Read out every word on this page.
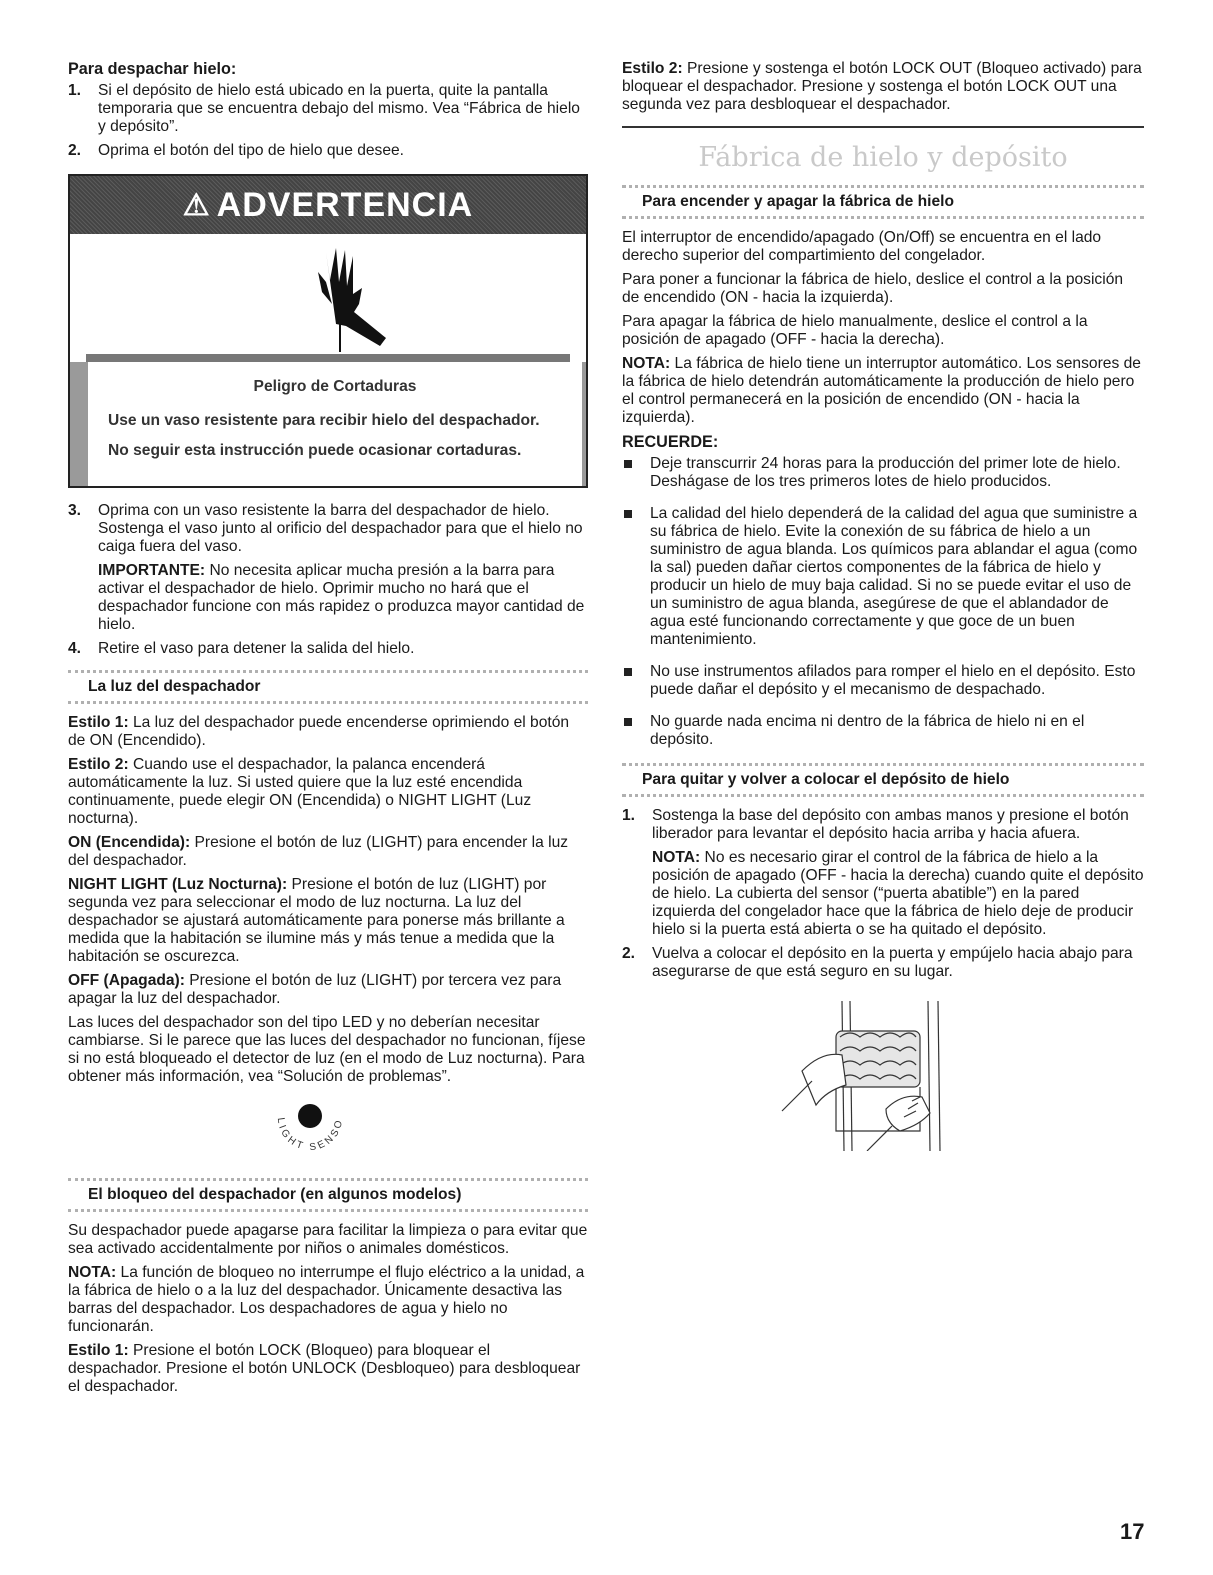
Para despachar hielo:
1. Si el depósito de hielo está ubicado en la puerta, quite la pantalla temporaria que se encuentra debajo del mismo. Vea “Fábrica de hielo y depósito”.
2. Oprima el botón del tipo de hielo que desee.
⚠ ADVERTENCIA
Peligro de Cortaduras

Use un vaso resistente para recibir hielo del despachador.

No seguir esta instrucción puede ocasionar cortaduras.

3. Oprima con un vaso resistente la barra del despachador de hielo. Sostenga el vaso junto al orificio del despachador para que el hielo no caiga fuera del vaso.

IMPORTANTE: No necesita aplicar mucha presión a la barra para activar el despachador de hielo. Oprimir mucho no hará que el despachador funcione con más rapidez o produzca mayor cantidad de hielo.

4. Retire el vaso para detener la salida del hielo.
La luz del despachador

Estilo 1: La luz del despachador puede encenderse oprimiendo el botón de ON (Encendido).

Estilo 2: Cuando use el despachador, la palanca encenderá automáticamente la luz. Si usted quiere que la luz esté encendida continuamente, puede elegir ON (Encendida) o NIGHT LIGHT (Luz nocturna).

ON (Encendida): Presione el botón de luz (LIGHT) para encender la luz del despachador.

NIGHT LIGHT (Luz Nocturna): Presione el botón de luz (LIGHT) por segunda vez para seleccionar el modo de luz nocturna. La luz del despachador se ajustará automáticamente para ponerse más brillante a medida que la habitación se ilumine más y más tenue a medida que la habitación se oscurezca.

OFF (Apagada): Presione el botón de luz (LIGHT) por tercera vez para apagar la luz del despachador.

Las luces del despachador son del tipo LED y no deberían necesitar cambiarse. Si le parece que las luces del despachador no funcionan, fíjese si no está bloqueado el detector de luz (en el modo de Luz nocturna). Para obtener más información, vea “Solución de problemas”.

LIGHT SENSO
El bloqueo del despachador (en algunos modelos)

Su despachador puede apagarse para facilitar la limpieza o para evitar que sea activado accidentalmente por niños o animales domésticos.

NOTA: La función de bloqueo no interrumpe el flujo eléctrico a la unidad, a la fábrica de hielo o a la luz del despachador. Únicamente desactiva las barras del despachador. Los despachadores de agua y hielo no funcionarán.

Estilo 1: Presione el botón LOCK (Bloqueo) para bloquear el despachador. Presione el botón UNLOCK (Desbloqueo) para desbloquear el despachador.

Estilo 2: Presione y sostenga el botón LOCK OUT (Bloqueo activado) para bloquear el despachador. Presione y sostenga el botón LOCK OUT una segunda vez para desbloquear el despachador.

Fábrica de hielo y depósito
Para encender y apagar la fábrica de hielo

El interruptor de encendido/apagado (On/Off) se encuentra en el lado derecho superior del compartimiento del congelador.

Para poner a funcionar la fábrica de hielo, deslice el control a la posición de encendido (ON - hacia la izquierda).

Para apagar la fábrica de hielo manualmente, deslice el control a la posición de apagado (OFF - hacia la derecha).

NOTA: La fábrica de hielo tiene un interruptor automático. Los sensores de la fábrica de hielo detendrán automáticamente la producción de hielo pero el control permanecerá en la posición de encendido (ON - hacia la izquierda).

RECUERDE:
Deje transcurrir 24 horas para la producción del primer lote de hielo. Deshágase de los tres primeros lotes de hielo producidos.
La calidad del hielo dependerá de la calidad del agua que suministre a su fábrica de hielo. Evite la conexión de su fábrica de hielo a un suministro de agua blanda. Los químicos para ablandar el agua (como la sal) pueden dañar ciertos componentes de la fábrica de hielo y producir un hielo de muy baja calidad. Si no se puede evitar el uso de un suministro de agua blanda, asegúrese de que el ablandador de agua esté funcionando correctamente y que goce de un buen mantenimiento.
No use instrumentos afilados para romper el hielo en el depósito. Esto puede dañar el depósito y el mecanismo de despachado.
No guarde nada encima ni dentro de la fábrica de hielo ni en el depósito.
Para quitar y volver a colocar el depósito de hielo
1. Sostenga la base del depósito con ambas manos y presione el botón liberador para levantar el depósito hacia arriba y hacia afuera.

NOTA: No es necesario girar el control de la fábrica de hielo a la posición de apagado (OFF - hacia la derecha) cuando quite el depósito de hielo. La cubierta del sensor (“puerta abatible”) en la pared izquierda del congelador hace que la fábrica de hielo deje de producir hielo si la puerta está abierta o se ha quitado el depósito.

2. Vuelva a colocar el depósito en la puerta y empújelo hacia abajo para asegurarse de que está seguro en su lugar.
17
